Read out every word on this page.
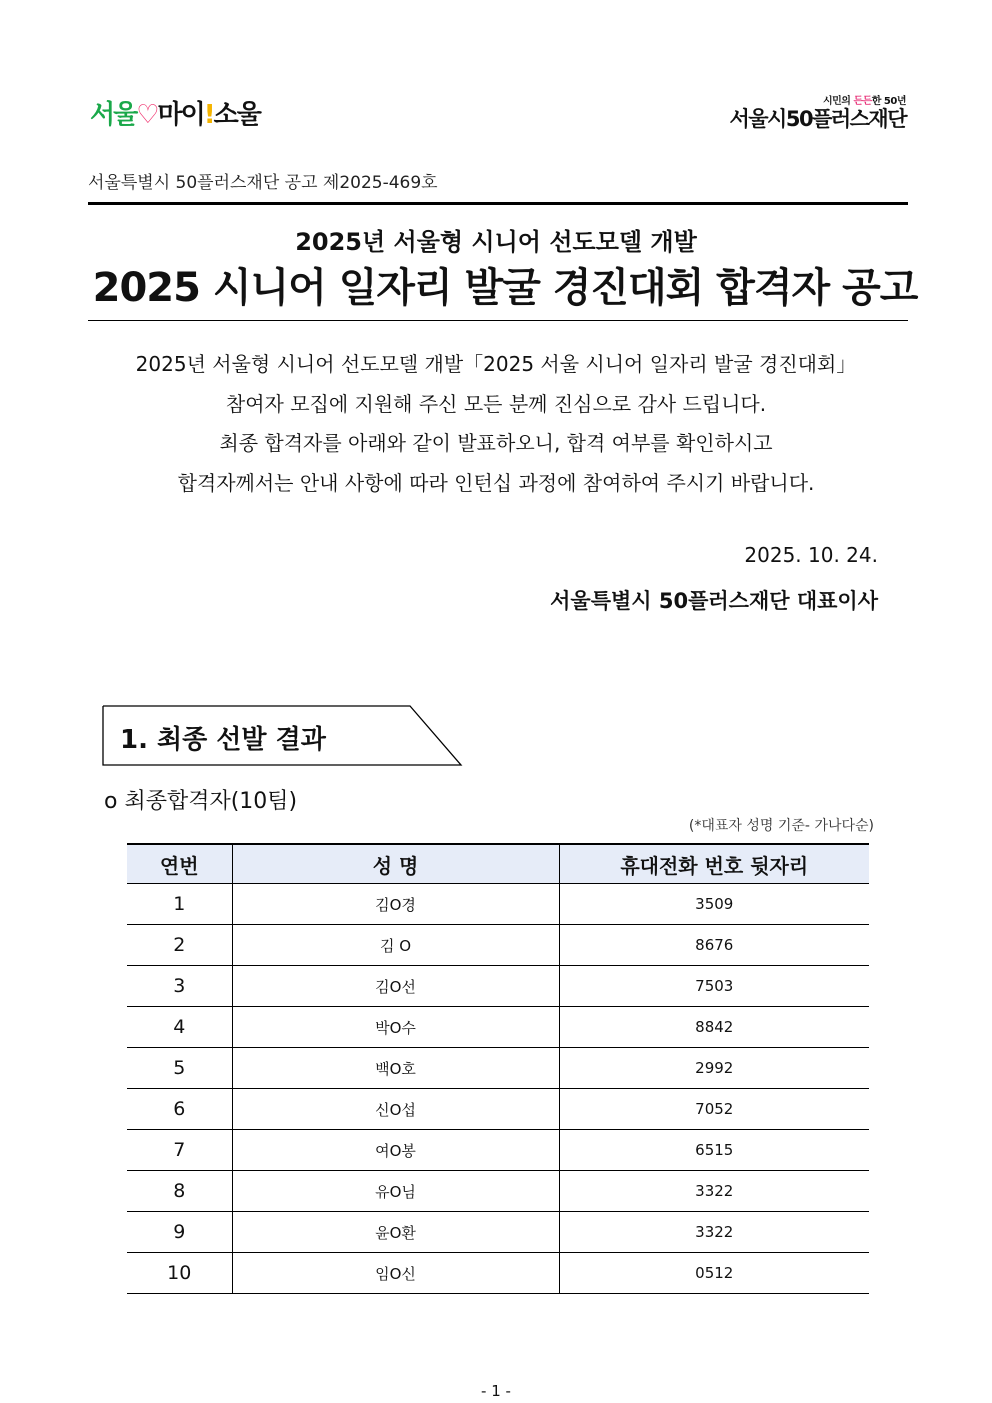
서울♡마이!소울	시민의 든든한 50년
서울시50플러스재단
서울특별시 50플러스재단 공고 제2025-469호
2025년 서울형 시니어 선도모델 개발
2025 시니어 일자리 발굴 경진대회 합격자 공고
2025년 서울형 시니어 선도모델 개발「2025 서울 시니어 일자리 발굴 경진대회」
참여자 모집에 지원해 주신 모든 분께 진심으로 감사 드립니다.
최종 합격자를 아래와 같이 발표하오니, 합격 여부를 확인하시고
합격자께서는 안내 사항에 따라 인턴십 과정에 참여하여 주시기 바랍니다.
2025. 10. 24.
서울특별시 50플러스재단 대표이사
1. 최종 선발 결과
o 최종합격자(10팀)
(*대표자 성명 기준- 가나다순)
연번	성 명	휴대전화 번호 뒷자리
1	김O경	3509
2	김 O	8676
3	김O선	7503
4	박O수	8842
5	백O호	2992
6	신O섭	7052
7	여O봉	6515
8	유O님	3322
9	윤O환	3322
10	임O신	0512
- 1 -
